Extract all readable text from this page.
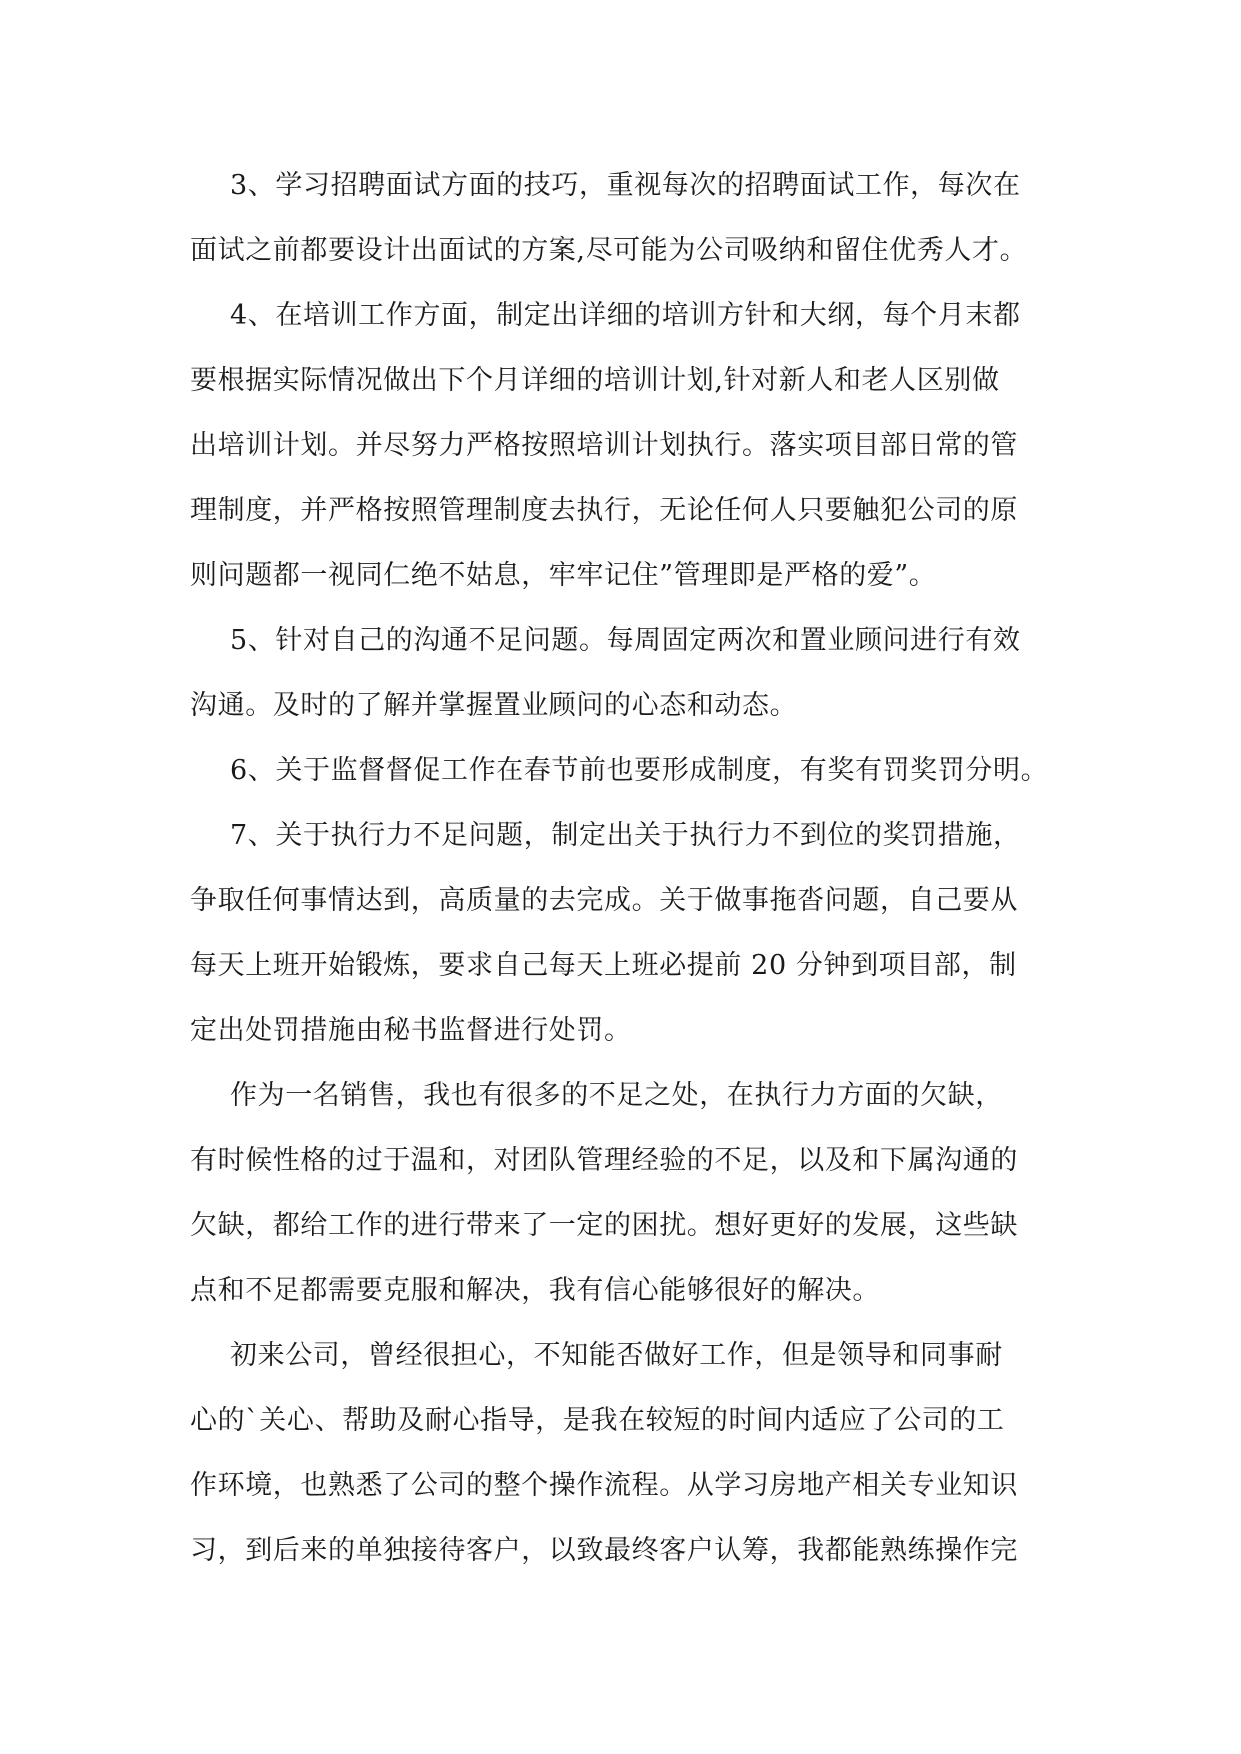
3、学习招聘面试方面的技巧，重视每次的招聘面试工作，每次在
面试之前都要设计出面试的方案,尽可能为公司吸纳和留住优秀人才。

4、在培训工作方面，制定出详细的培训方针和大纲，每个月末都
要根据实际情况做出下个月详细的培训计划,针对新人和老人区别做
出培训计划。并尽努力严格按照培训计划执行。落实项目部日常的管
理制度，并严格按照管理制度去执行，无论任何人只要触犯公司的原
则问题都一视同仁绝不姑息，牢牢记住”管理即是严格的爱”。

5、针对自己的沟通不足问题。每周固定两次和置业顾问进行有效
沟通。及时的了解并掌握置业顾问的心态和动态。

6、关于监督督促工作在春节前也要形成制度，有奖有罚奖罚分明。

7、关于执行力不足问题，制定出关于执行力不到位的奖罚措施，
争取任何事情达到，高质量的去完成。关于做事拖沓问题，自己要从
每天上班开始锻炼，要求自己每天上班必提前 20 分钟到项目部，制
定出处罚措施由秘书监督进行处罚。

作为一名销售，我也有很多的不足之处，在执行力方面的欠缺，
有时候性格的过于温和，对团队管理经验的不足，以及和下属沟通的
欠缺，都给工作的进行带来了一定的困扰。想好更好的发展，这些缺
点和不足都需要克服和解决，我有信心能够很好的解决。

初来公司，曾经很担心，不知能否做好工作，但是领导和同事耐
心的`关心、帮助及耐心指导，是我在较短的时间内适应了公司的工
作环境，也熟悉了公司的整个操作流程。从学习房地产相关专业知识
习，到后来的单独接待客户，以致最终客户认筹，我都能熟练操作完
